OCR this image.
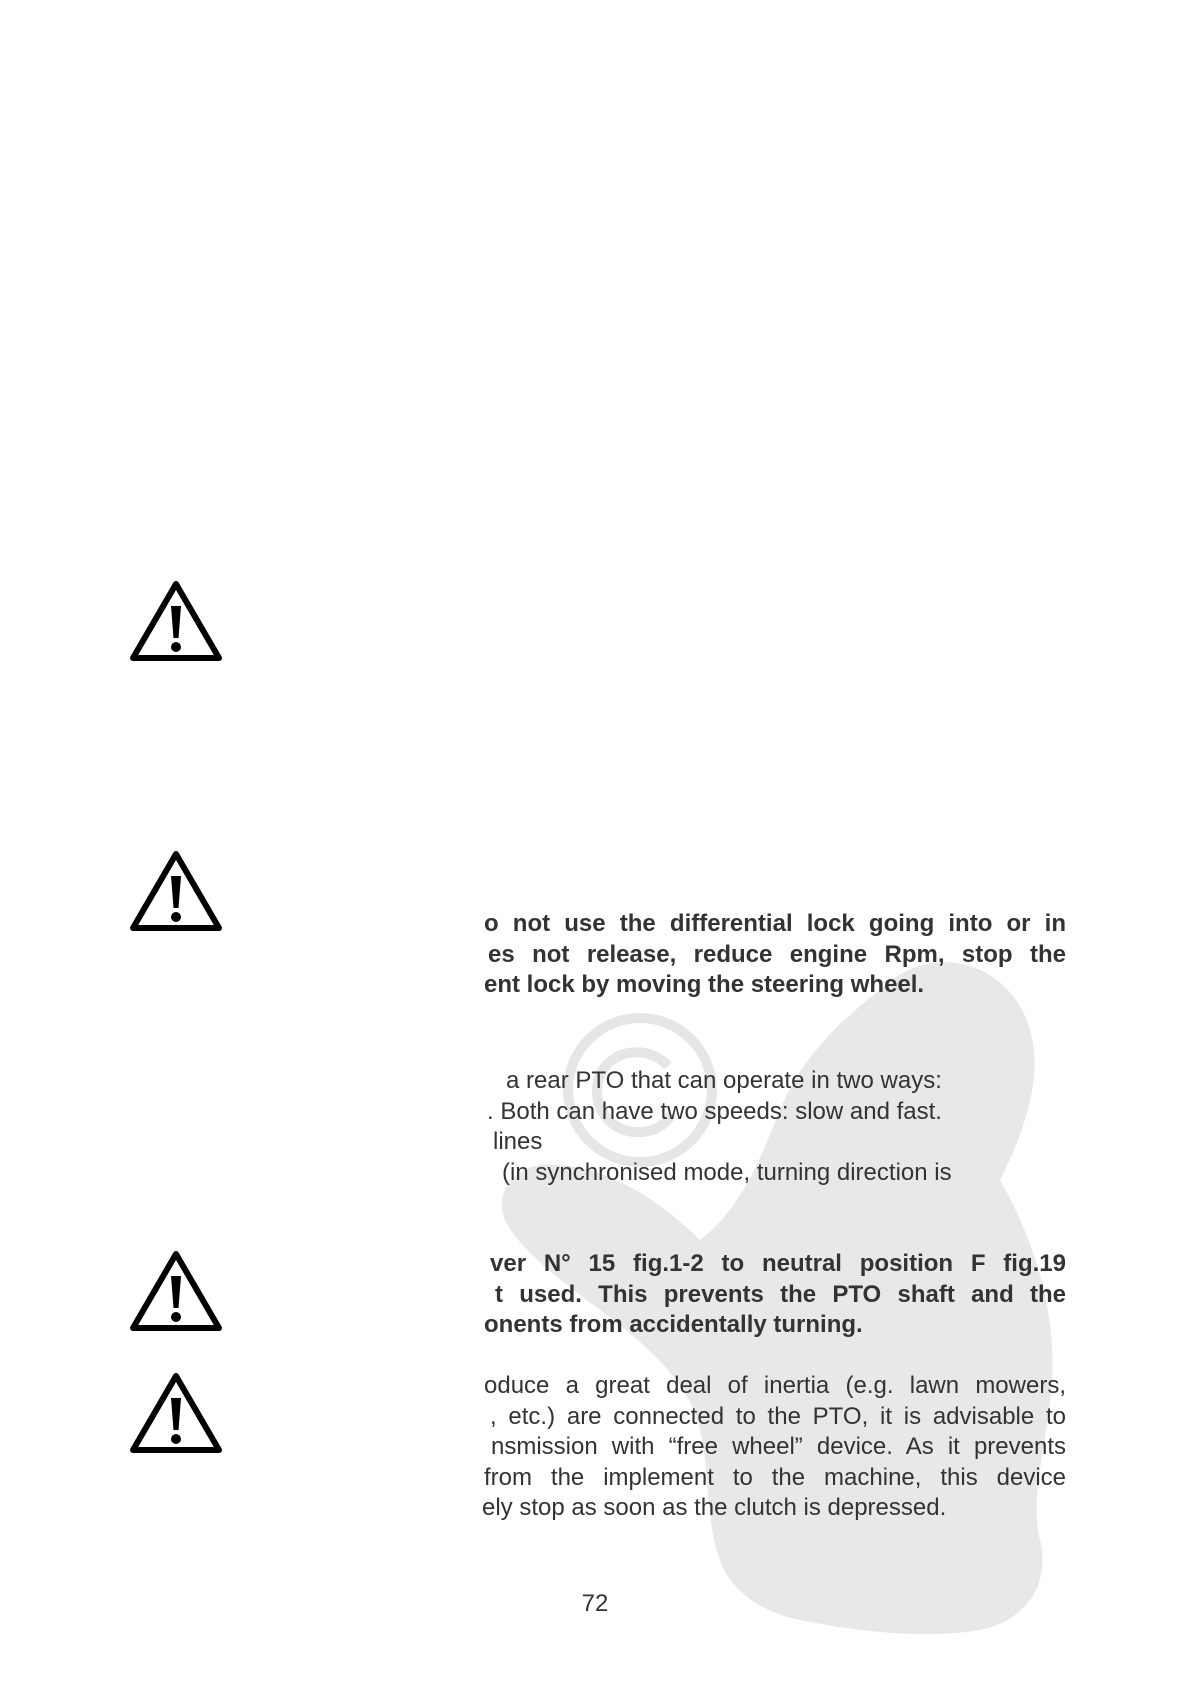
o not use the differential lock going into or in
es not release, reduce engine Rpm, stop the
ent lock by moving the steering wheel.
a rear PTO that can operate in two ways:
. Both can have two speeds: slow and fast.
lines
(in synchronised mode, turning direction is
ver N° 15 fig.1-2 to neutral position F fig.19
t used. This prevents the PTO shaft and the
onents from accidentally turning.
oduce a great deal of inertia (e.g. lawn mowers,
, etc.) are connected to the PTO, it is advisable to
nsmission with “free wheel” device. As it prevents
from the implement to the machine, this device
ely stop as soon as the clutch is depressed.
72
